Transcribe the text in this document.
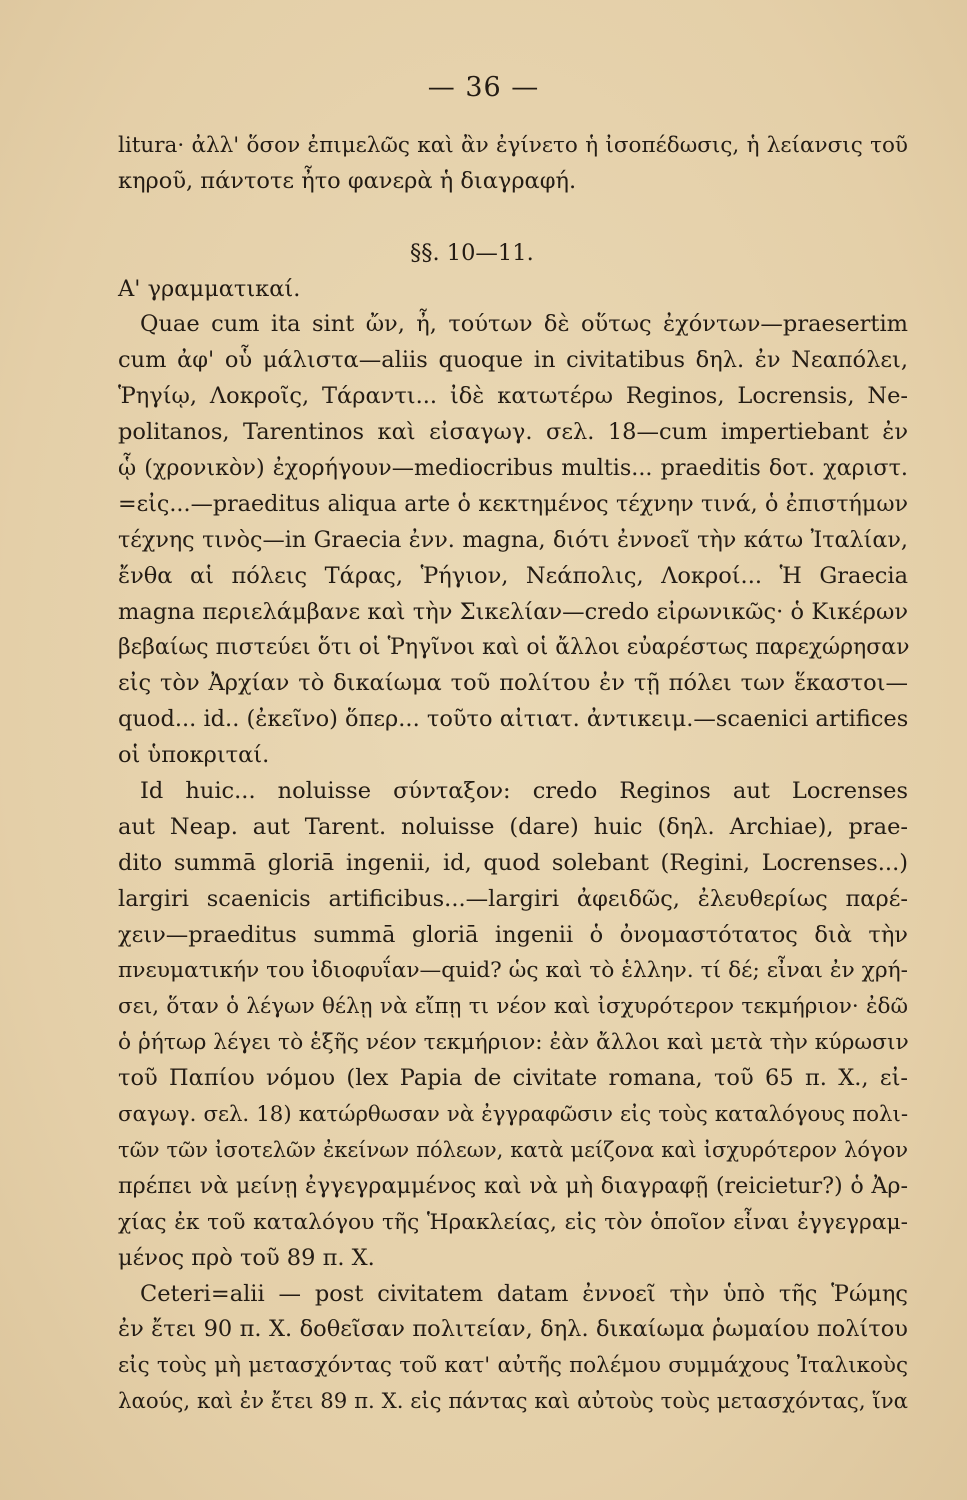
— 36 —
litura· ἀλλ' ὅσον ἐπιμελῶς καὶ ἂν ἐγίνετο ἡ ἰσοπέδωσις, ἡ λείανσις τοῦ
κηροῦ, πάντοτε ἦτο φανερὰ ἡ διαγραφή.
§§. 10—11.
Α' γραμματικαί.
Quae cum ita sint ὤν, ἦ, τούτων δὲ οὕτως ἐχόντων—praesertim
cum ἀφ' οὗ μάλιστα—aliis quoque in civitatibus δηλ. ἐν Νεαπόλει,
Ῥηγίῳ, Λοκροῖς, Τάραντι... ἰδὲ κατωτέρω Reginos, Locrensis, Ne-
politanos, Tarentinos καὶ εἰσαγωγ. σελ. 18—cum impertiebant ἐν
ᾧ (χρονικὸν) ἐχορήγουν—mediocribus multis... praeditis δοτ. χαριστ.
=εἰς...—praeditus aliqua arte ὁ κεκτημένος τέχνην τινά, ὁ ἐπιστήμων
τέχνης τινὸς—in Graecia ἐνν. magna, διότι ἐννοεῖ τὴν κάτω Ἰταλίαν,
ἔνθα αἱ πόλεις Τάρας, Ῥήγιον, Νεάπολις, Λοκροί... Ἡ Graecia
magna περιελάμβανε καὶ τὴν Σικελίαν—credo εἰρωνικῶς· ὁ Κικέρων
βεβαίως πιστεύει ὅτι οἱ Ῥηγῖνοι καὶ οἱ ἄλλοι εὐαρέστως παρεχώρησαν
εἰς τὸν Ἀρχίαν τὸ δικαίωμα τοῦ πολίτου ἐν τῇ πόλει των ἕκαστοι—
quod... id.. (ἐκεῖνο) ὅπερ... τοῦτο αἰτιατ. ἀντικειμ.—scaenici artifices
οἱ ὑποκριταί.
Id huic... noluisse σύνταξον: credo Reginos aut Locrenses
aut Neap. aut Tarent. noluisse (dare) huic (δηλ. Archiae), prae-
dito summā gloriā ingenii, id, quod solebant (Regini, Locrenses...)
largiri scaenicis artificibus...—largiri ἀφειδῶς, ἐλευθερίως παρέ-
χειν—praeditus summā gloriā ingenii ὁ ὀνομαστότατος διὰ τὴν
πνευματικήν του ἰδιοφυΐαν—quid? ὡς καὶ τὸ ἑλλην. τί δέ; εἶναι ἐν χρή-
σει, ὅταν ὁ λέγων θέλῃ νὰ εἴπῃ τι νέον καὶ ἰσχυρότερον τεκμήριον· ἐδῶ
ὁ ῥήτωρ λέγει τὸ ἑξῆς νέον τεκμήριον: ἐὰν ἄλλοι καὶ μετὰ τὴν κύρωσιν
τοῦ Παπίου νόμου (lex Papia de civitate romana, τοῦ 65 π. Χ., εἰ-
σαγωγ. σελ. 18) κατώρθωσαν νὰ ἐγγραφῶσιν εἰς τοὺς καταλόγους πολι-
τῶν τῶν ἰσοτελῶν ἐκείνων πόλεων, κατὰ μείζονα καὶ ἰσχυρότερον λόγον
πρέπει νὰ μείνῃ ἐγγεγραμμένος καὶ νὰ μὴ διαγραφῇ (reicietur?) ὁ Ἀρ-
χίας ἐκ τοῦ καταλόγου τῆς Ἡρακλείας, εἰς τὸν ὁποῖον εἶναι ἐγγεγραμ-
μένος πρὸ τοῦ 89 π. Χ.
Ceteri=alii — post civitatem datam ἐννοεῖ τὴν ὑπὸ τῆς Ῥώμης
ἐν ἔτει 90 π. Χ. δοθεῖσαν πολιτείαν, δηλ. δικαίωμα ῥωμαίου πολίτου
εἰς τοὺς μὴ μετασχόντας τοῦ κατ' αὐτῆς πολέμου συμμάχους Ἰταλικοὺς
λαούς, καὶ ἐν ἔτει 89 π. Χ. εἰς πάντας καὶ αὐτοὺς τοὺς μετασχόντας, ἵνα
